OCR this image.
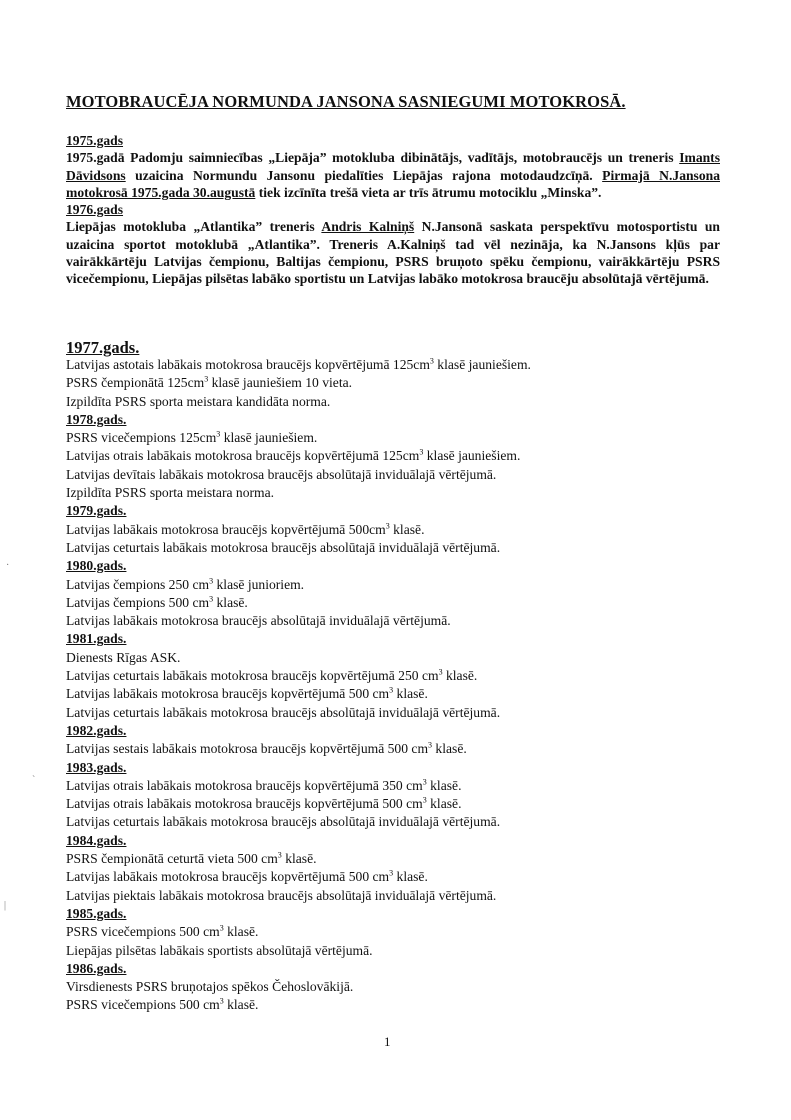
MOTOBRAUCĒJA NORMUNDA JANSONA SASNIEGUMI MOTOKROSĀ.

1975.gads

1975.gadā Padomju saimniecības „Liepāja” motokluba dibinātājs, vadītājs, motobraucējs un treneris Imants Dāvidsons uzaicina Normundu Jansonu piedalīties Liepājas rajona motodaudzcīņā. Pirmajā N.Jansona motokrosā 1975.gada 30.augustā tiek izcīnīta trešā vieta ar trīs ātrumu motociklu „Minska”.

1976.gads

Liepājas motokluba „Atlantika” treneris Andris Kalniņš N.Jansonā saskata perspektīvu motosportistu un uzaicina sportot motoklubā „Atlantika”. Treneris A.Kalniņš tad vēl nezināja, ka N.Jansons kļūs par vairākkārtēju Latvijas čempionu, Baltijas čempionu, PSRS bruņoto spēku čempionu, vairākkārtēju PSRS vicečempionu, Liepājas pilsētas labāko sportistu un Latvijas labāko motokrosa braucēju absolūtajā vērtējumā.

1977.gads.
Latvijas astotais labākais motokrosa braucējs kopvērtējumā $125cm^3$ klasē jauniešiem.
PSRS čempionātā $125cm^3$ klasē jauniešiem 10 vieta.
Izpildīta PSRS sporta meistara kandidāta norma.
1978.gads.
PSRS vicečempions $125cm^3$ klasē jauniešiem.
Latvijas otrais labākais motokrosa braucējs kopvērtējumā $125cm^3$ klasē jauniešiem.
Latvijas devītais labākais motokrosa braucējs absolūtajā inviduālajā vērtējumā.
Izpildīta PSRS sporta meistara norma.
1979.gads.
Latvijas labākais motokrosa braucējs kopvērtējumā $500cm^3$ klasē.
Latvijas ceturtais labākais motokrosa braucējs absolūtajā inviduālajā vērtējumā.
1980.gads.
Latvijas čempions 250 $cm^3$ klasē junioriem.
Latvijas čempions 500 $cm^3$ klasē.
Latvijas labākais motokrosa braucējs absolūtajā inviduālajā vērtējumā.
1981.gads.
Dienests Rīgas ASK.
Latvijas ceturtais labākais motokrosa braucējs kopvērtējumā 250 $cm^3$ klasē.
Latvijas labākais motokrosa braucējs kopvērtējumā 500 $cm^3$ klasē.
Latvijas ceturtais labākais motokrosa braucējs absolūtajā inviduālajā vērtējumā.
1982.gads.
Latvijas sestais labākais motokrosa braucējs kopvērtējumā 500 $cm^3$ klasē.
1983.gads.
Latvijas otrais labākais motokrosa braucējs kopvērtējumā 350 $cm^3$ klasē.
Latvijas otrais labākais motokrosa braucējs kopvērtējumā 500 $cm^3$ klasē.
Latvijas ceturtais labākais motokrosa braucējs absolūtajā inviduālajā vērtējumā.
1984.gads.
PSRS čempionātā ceturtā vieta 500 $cm^3$ klasē.
Latvijas labākais motokrosa braucējs kopvērtējumā 500 $cm^3$ klasē.
Latvijas piektais labākais motokrosa braucējs absolūtajā inviduālajā vērtējumā.
1985.gads.
PSRS vicečempions 500 $cm^3$ klasē.
Liepājas pilsētas labākais sportists absolūtajā vērtējumā.
1986.gads.
Virsdienests PSRS bruņotajos spēkos Čehoslovākijā.
PSRS vicečempions 500 $cm^3$ klasē.
1
·
`
|
